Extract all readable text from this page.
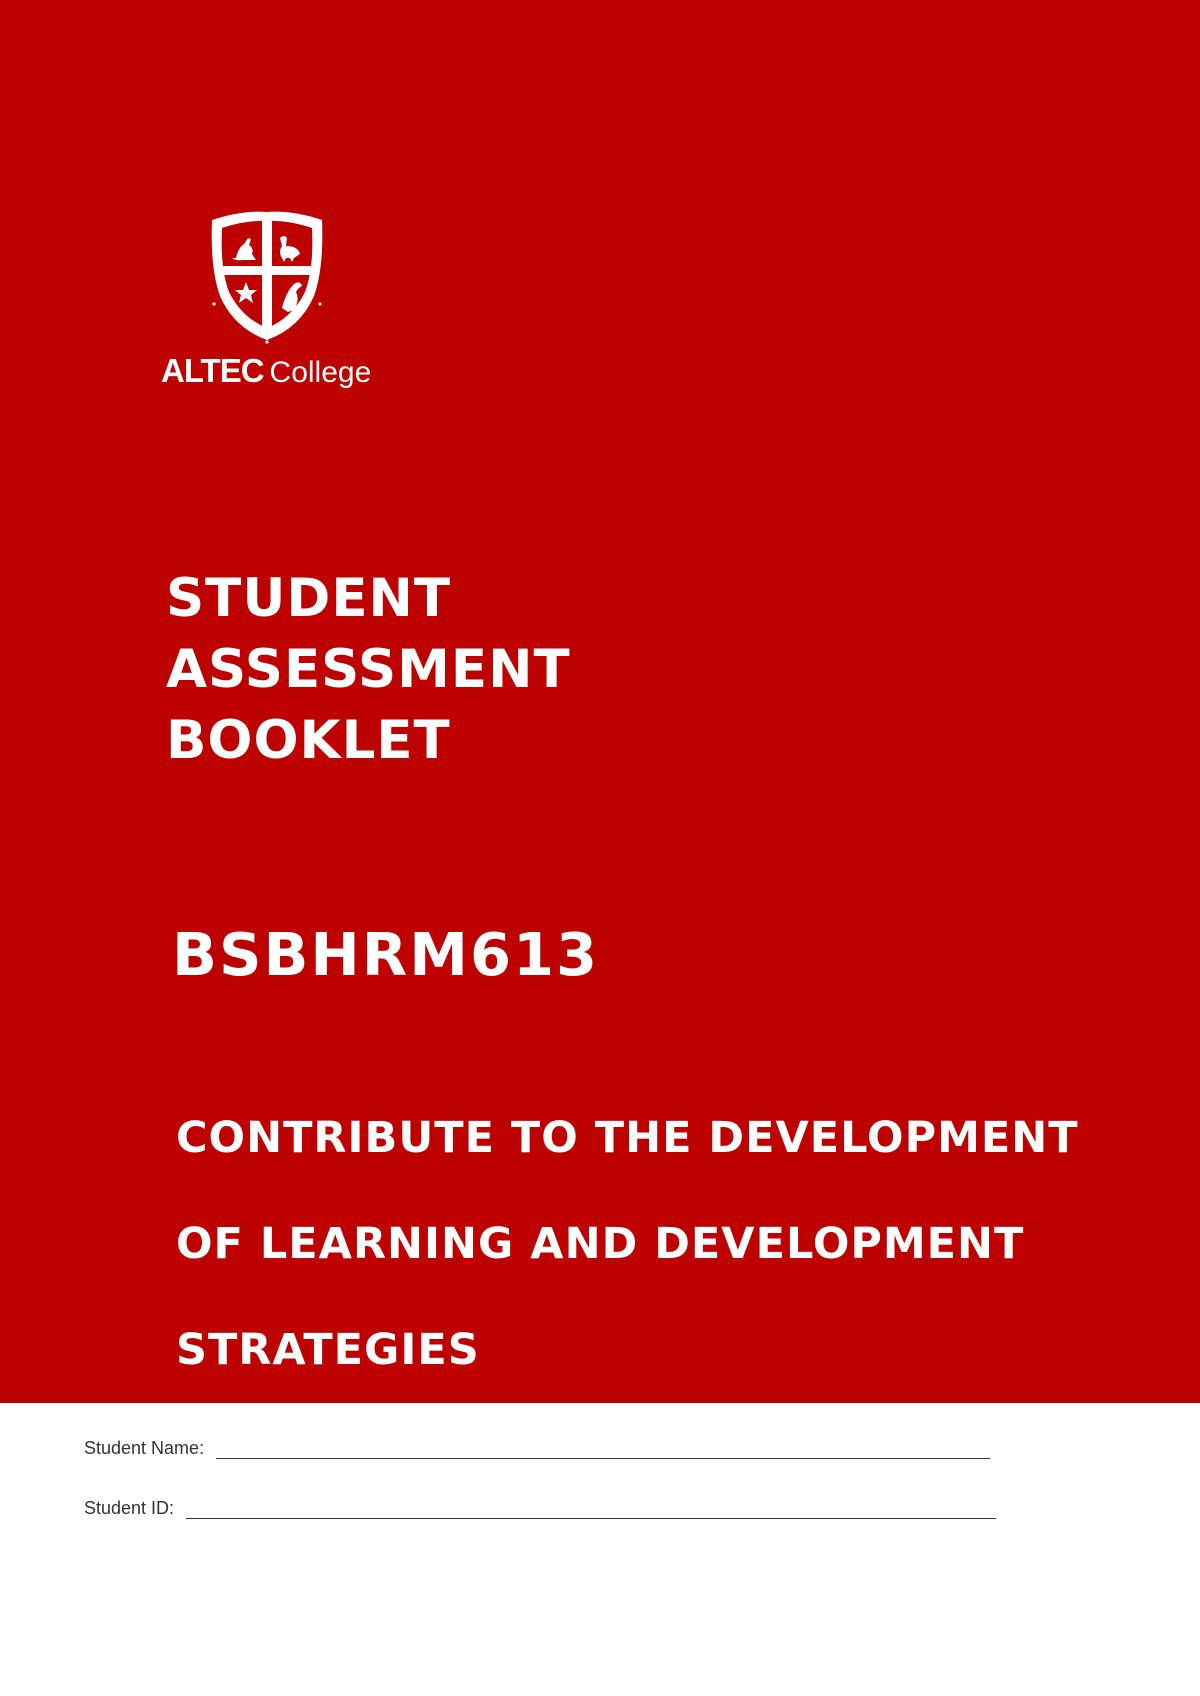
ALTEC College
STUDENT
ASSESSMENT
BOOKLET
BSBHRM613
CONTRIBUTE TO THE DEVELOPMENT
OF LEARNING AND DEVELOPMENT
STRATEGIES
Student Name:
Student ID:
